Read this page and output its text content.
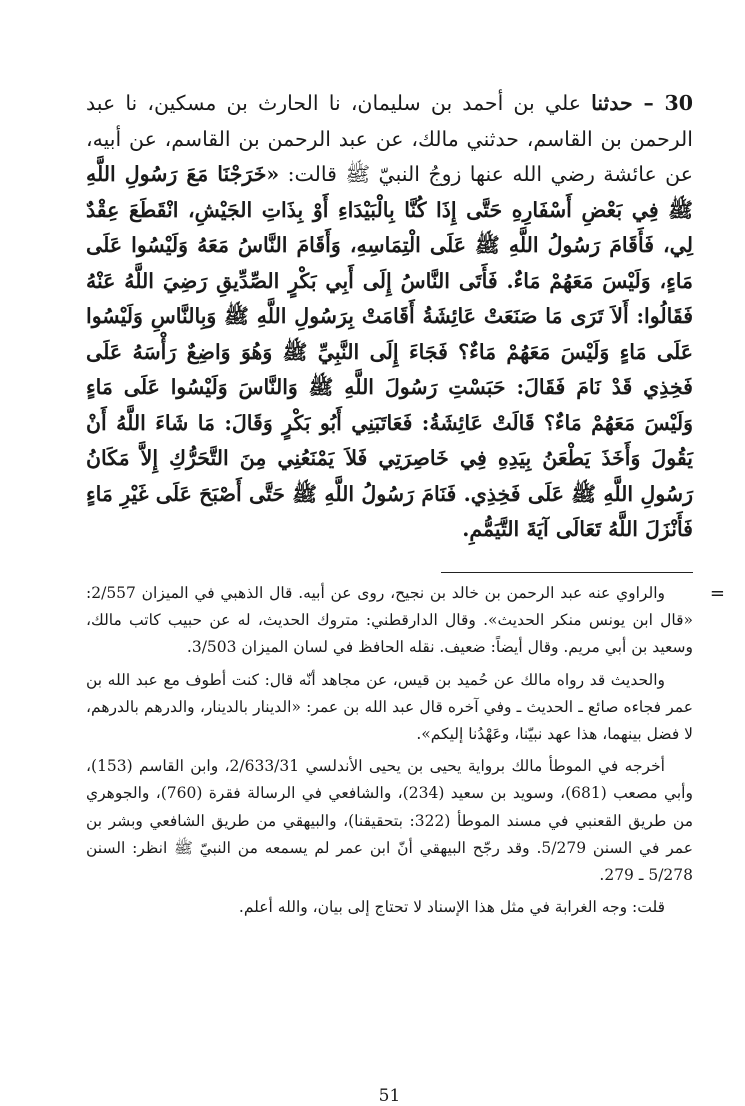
30 – حدثنا علي بن أحمد بن سليمان، نا الحارث بن مسكين، نا عبد الرحمن بن القاسم، حدثني مالك، عن عبد الرحمن بن القاسم، عن أبيه، عن عائشة رضي الله عنها زوجُ النبيّ ﷺ قالت: «خَرَجْنَا مَعَ رَسُولِ اللَّهِ ﷺ فِي بَعْضِ أَسْفَارِهِ حَتَّى إِذَا كُنَّا بِالْبَيْدَاءِ أَوْ بِذَاتِ الجَيْشِ، انْقَطَعَ عِقْدٌ لِي، فَأَقَامَ رَسُولُ اللَّهِ ﷺ عَلَى الْتِمَاسِهِ، وَأَقَامَ النَّاسُ مَعَهُ وَلَيْسُوا عَلَى مَاءٍ، وَلَيْسَ مَعَهُمْ مَاءٌ. فَأَتَى النَّاسُ إِلَى أَبِي بَكْرٍ الصِّدِّيقِ رَضِيَ اللَّهُ عَنْهُ فَقَالُوا: أَلاَ تَرَى مَا صَنَعَتْ عَائِشَةُ أَقَامَتْ بِرَسُولِ اللَّهِ ﷺ وَبِالنَّاسِ وَلَيْسُوا عَلَى مَاءٍ وَلَيْسَ مَعَهُمْ مَاءٌ؟ فَجَاءَ إِلَى النَّبِيِّ ﷺ وَهُوَ وَاضِعٌ رَأْسَهُ عَلَى فَخِذِي قَدْ نَامَ فَقَالَ: حَبَسْتِ رَسُولَ اللَّهِ ﷺ وَالنَّاسَ وَلَيْسُوا عَلَى مَاءٍ وَلَيْسَ مَعَهُمْ مَاءٌ؟ قَالَتْ عَائِشَةُ: فَعَاتَبَنِي أَبُو بَكْرٍ وَقَالَ: مَا شَاءَ اللَّهُ أَنْ يَقُولَ وَأَخَذَ يَطْعَنُ بِيَدِهِ فِي خَاصِرَتِي فَلاَ يَمْنَعُنِي مِنَ التَّحَرُّكِ إِلاَّ مَكَانُ رَسُولِ اللَّهِ ﷺ عَلَى فَخِذِي. فَنَامَ رَسُولُ اللَّهِ ﷺ حَتَّى أَصْبَحَ عَلَى غَيْرِ مَاءٍ فَأَنْزَلَ اللَّهُ تَعَالَى آيَةَ التَّيَمُّمِ.

=

والراوي عنه عبد الرحمن بن خالد بن نجيح، روى عن أبيه. قال الذهبي في الميزان 2/557: «قال ابن يونس منكر الحديث». وقال الدارقطني: متروك الحديث، له عن حبيب كاتب مالك، وسعيد بن أبي مريم. وقال أيضاً: ضعيف. نقله الحافظ في لسان الميزان 3/503.

والحديث قد رواه مالك عن حُميد بن قيس، عن مجاهد أنّه قال: كنت أطوف مع عبد الله بن عمر فجاءه صائع ـ الحديث ـ وفي آخره قال عبد الله بن عمر: «الدينار بالدينار، والدرهم بالدرهم، لا فضل بينهما، هذا عهد نبيّنا، وعَهْدُنا إليكم».

أخرجه في الموطأ مالك برواية يحيى بن يحيى الأندلسي 2/633/31، وابن القاسم (153)، وأبي مصعب (681)، وسويد بن سعيد (234)، والشافعي في الرسالة فقرة (760)، والجوهري من طريق القعنبي في مسند الموطأ (322: بتحقيقنا)، والبيهقي من طريق الشافعي وبشر بن عمر في السنن 5/279. وقد رجّح البيهقي أنّ ابن عمر لم يسمعه من النبيّ ﷺ انظر: السنن 5/278 ـ 279.

قلت: وجه الغرابة في مثل هذا الإسناد لا تحتاج إلى بيان، والله أعلم.

51
